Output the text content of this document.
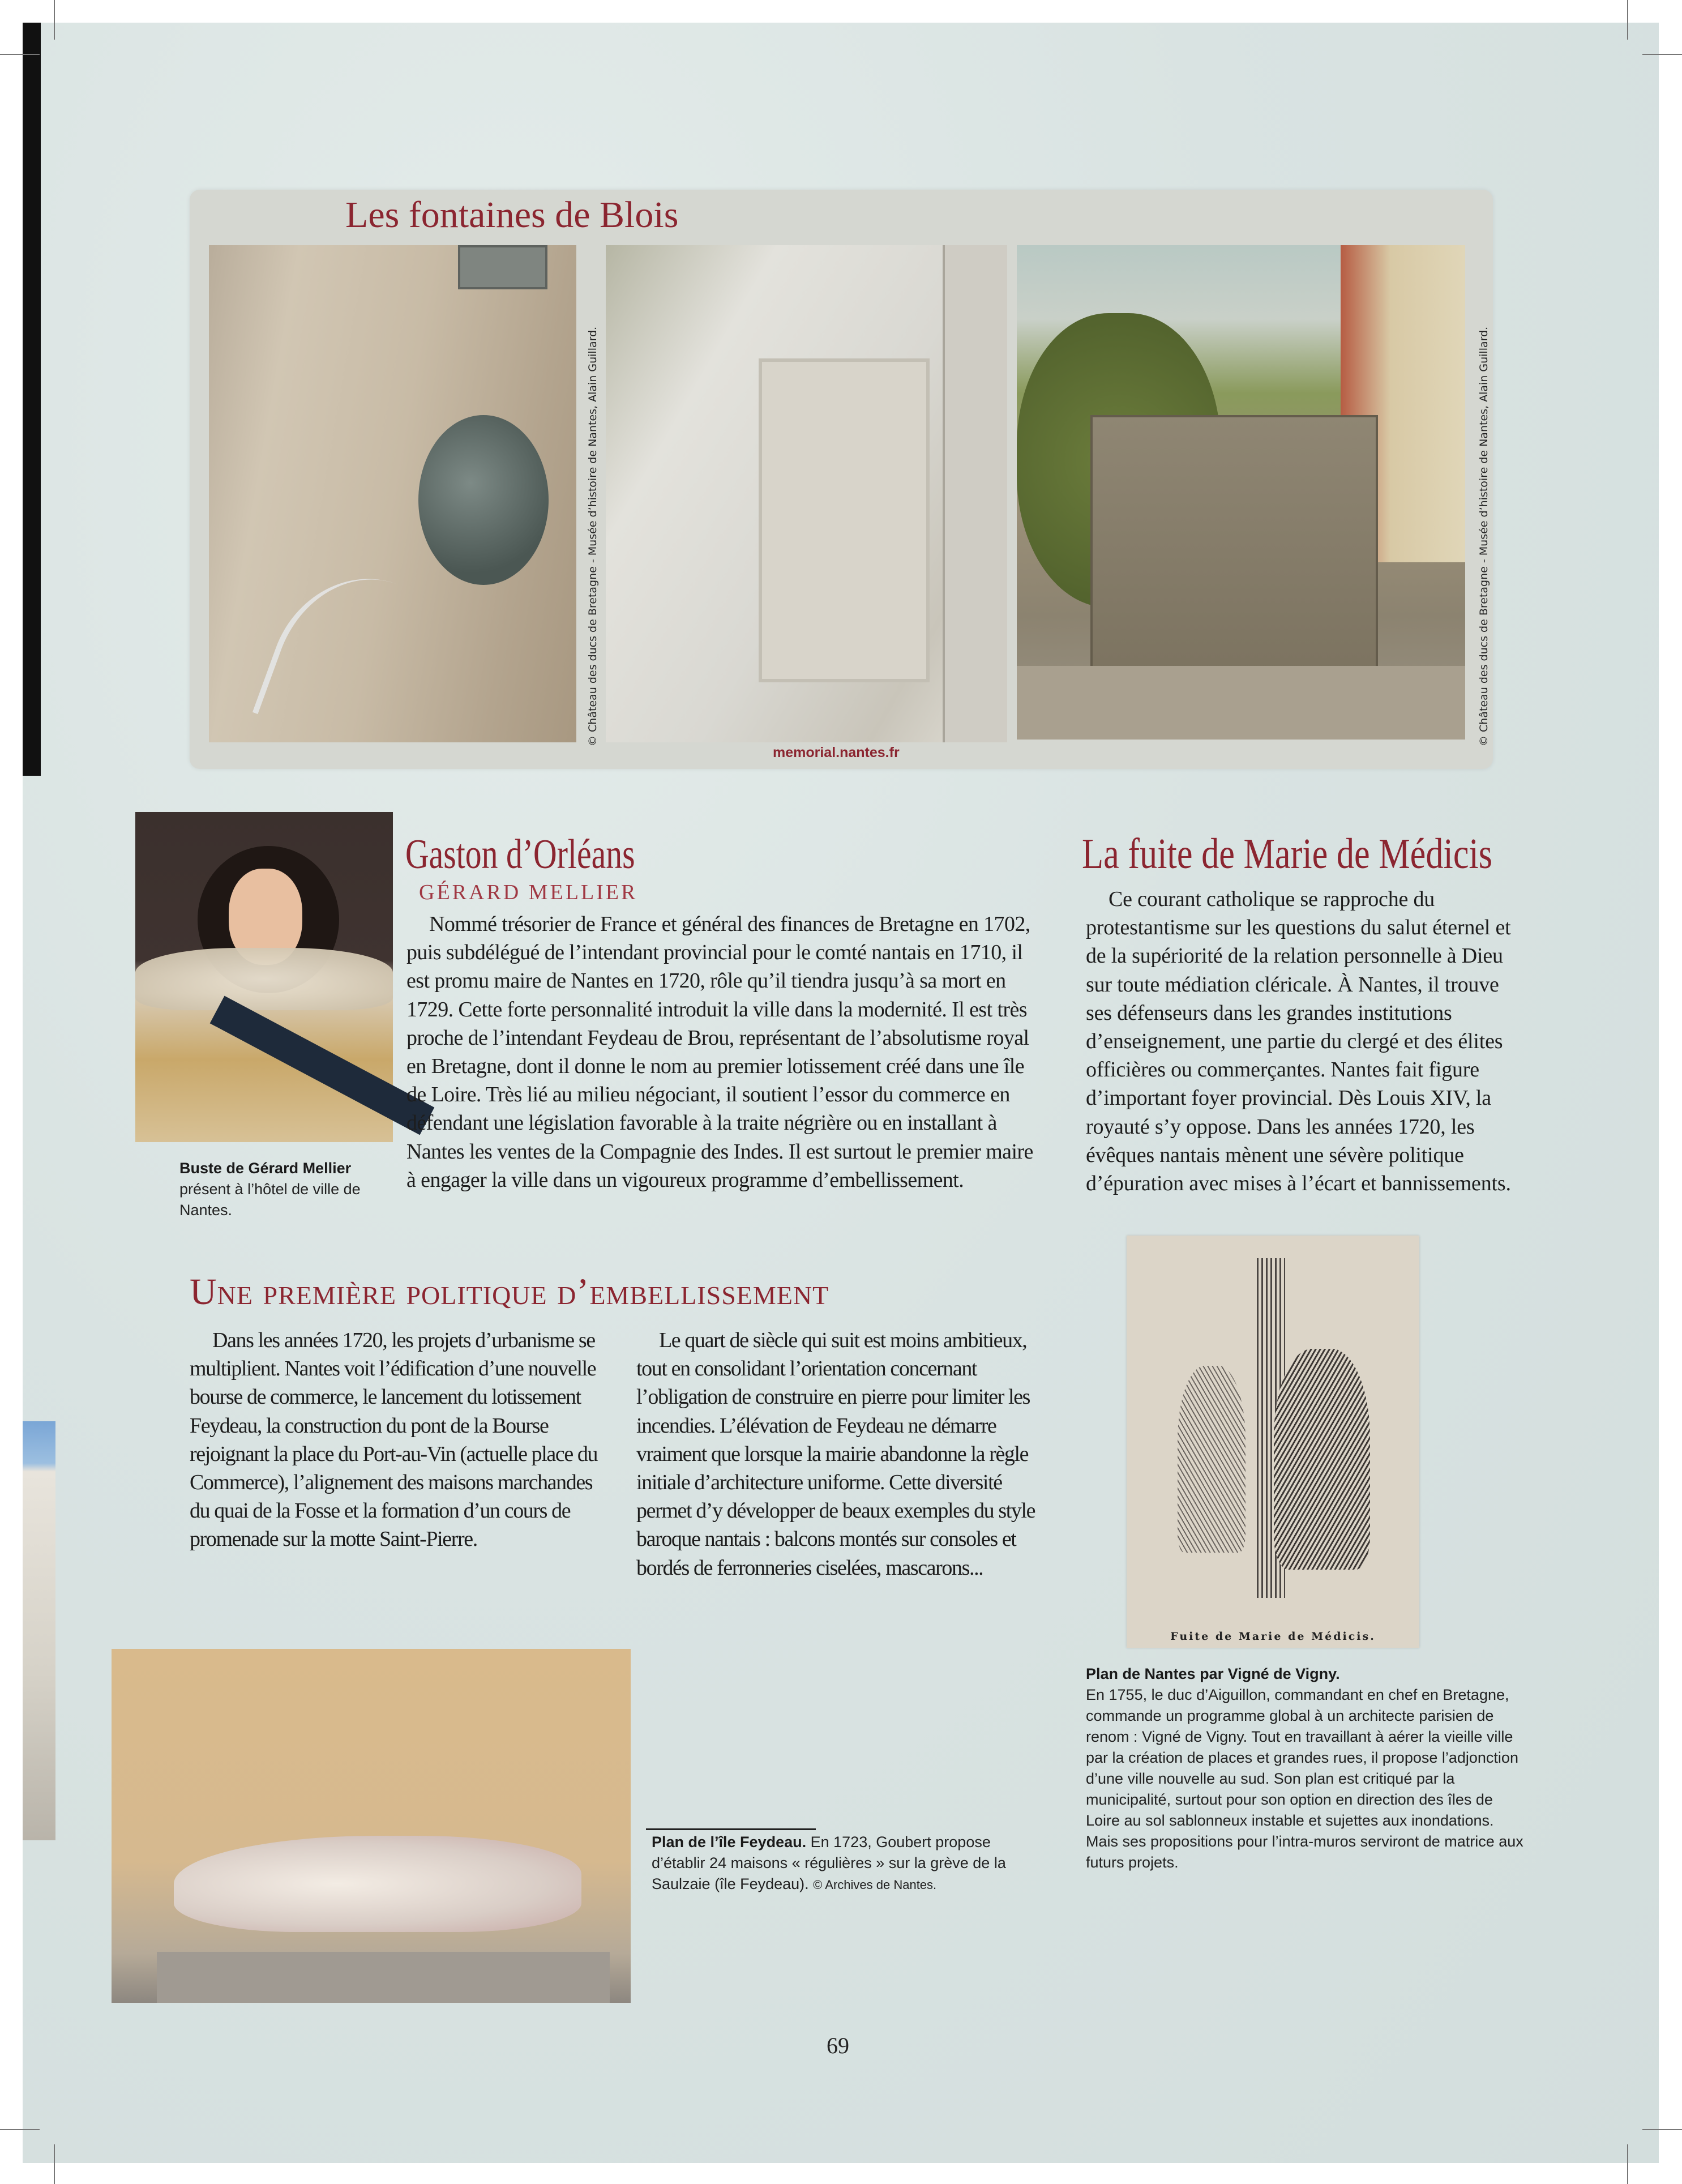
Les fontaines de Blois
© Château des ducs de Bretagne - Musée d’histoire de Nantes, Alain Guillard.	© Château des ducs de Bretagne - Musée d’histoire de Nantes, Alain Guillard.
memorial.nantes.fr
Buste de Gérard Mellier
présent à l’hôtel de ville de Nantes.
Gaston d’Orléans
GÉRARD MELLIER

Nommé trésorier de France et général des finances de Bretagne en 1702, puis subdélégué de l’intendant provincial pour le comté nantais en 1710, il est promu maire de Nantes en 1720, rôle qu’il tiendra jusqu’à sa mort en 1729. Cette forte personnalité introduit la ville dans la modernité. Il est très proche de l’intendant Feydeau de Brou, représentant de l’absolutisme royal en Bretagne, dont il donne le nom au premier lotissement créé dans une île de Loire. Très lié au milieu négociant, il soutient l’essor du commerce en défendant une législation favorable à la traite négrière ou en installant à Nantes les ventes de la Compagnie des Indes. Il est surtout le premier maire à engager la ville dans un vigoureux programme d’embellissement.

La fuite de Marie de Médicis

Ce courant catholique se rapproche du protestantisme sur les questions du salut éternel et de la supériorité de la relation personnelle à Dieu sur toute médiation cléricale. À Nantes, il trouve ses défenseurs dans les grandes institutions d’enseignement, une partie du clergé et des élites officières ou commerçantes. Nantes fait figure d’important foyer provincial. Dès Louis XIV, la royauté s’y oppose. Dans les années 1720, les évêques nantais mènent une sévère politique d’épuration avec mises à l’écart et bannissements.

Une première politique d’embellissement

Dans les années 1720, les projets d’urbanisme se multiplient. Nantes voit l’édification d’une nouvelle bourse de commerce, le lancement du lotissement Feydeau, la construction du pont de la Bourse rejoignant la place du Port-au-Vin (actuelle place du Commerce), l’alignement des maisons marchandes du quai de la Fosse et la formation d’un cours de promenade sur la motte Saint-Pierre.

Le quart de siècle qui suit est moins ambitieux, tout en consolidant l’orientation concernant l’obligation de construire en pierre pour limiter les incendies. L’élévation de Feydeau ne démarre vraiment que lorsque la mairie abandonne la règle initiale d’architecture uniforme. Cette diversité permet d’y développer de beaux exemples du style baroque nantais : balcons montés sur consoles et bordés de ferronneries ciselées, mascarons...

Plan de l’île Feydeau. En 1723, Goubert propose d’établir 24 maisons « régulières » sur la grève de la Saulzaie (île Feydeau). © Archives de Nantes.
Fuite de Marie de Médicis.
Plan de Nantes par Vigné de Vigny.
En 1755, le duc d’Aiguillon, commandant en chef en Bretagne, commande un programme global à un architecte parisien de renom : Vigné de Vigny. Tout en travaillant à aérer la vieille ville par la création de places et grandes rues, il propose l’adjonction d’une ville nouvelle au sud. Son plan est critiqué par la municipalité, surtout pour son option en direction des îles de Loire au sol sablonneux instable et sujettes aux inondations. Mais ses propositions pour l’intra-muros serviront de matrice aux futurs projets.
69
